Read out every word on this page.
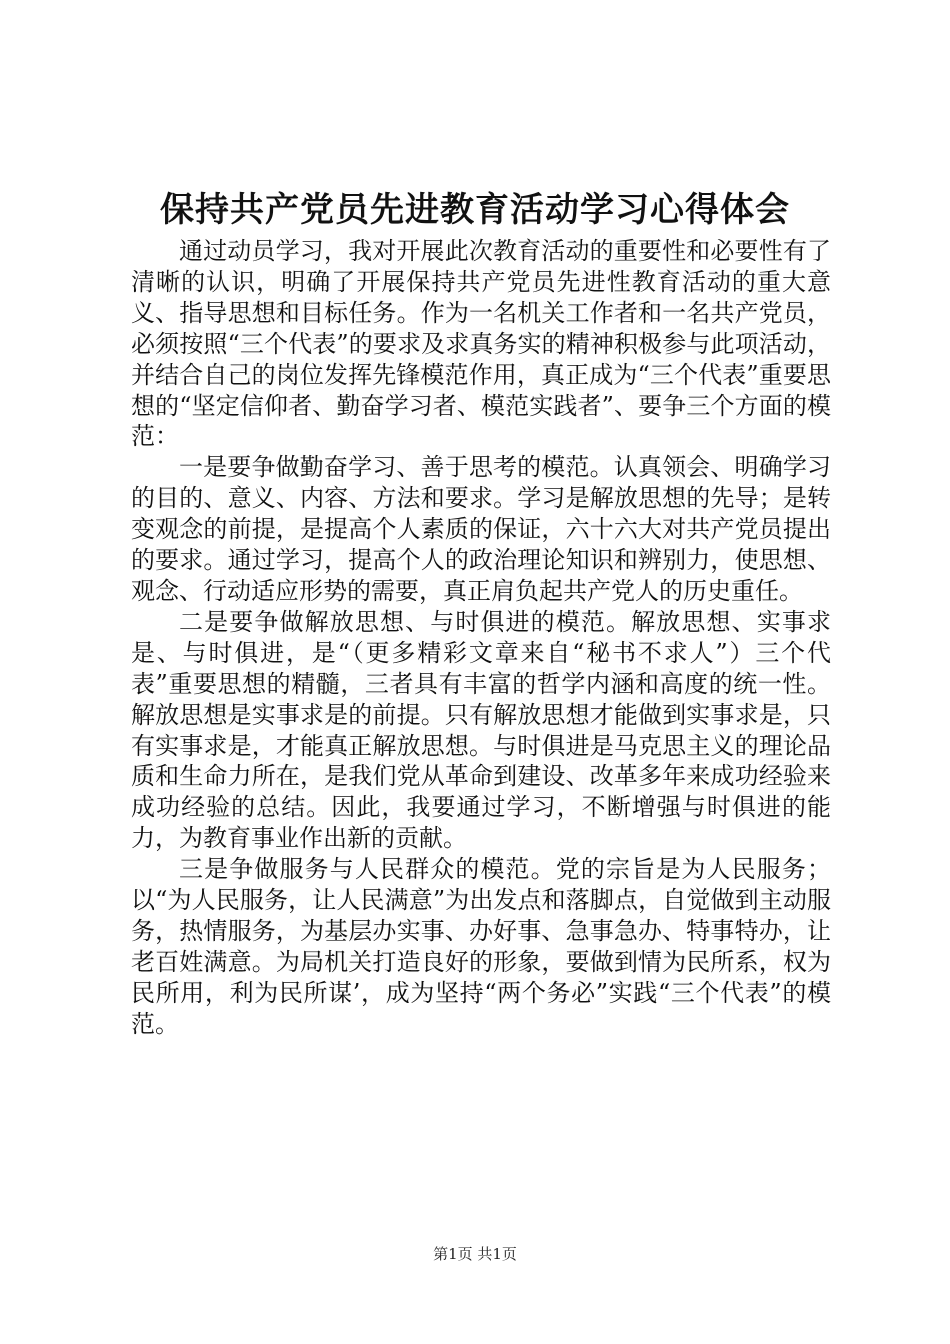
保持共产党员先进教育活动学习心得体会

通过动员学习，我对开展此次教育活动的重要性和必要性有了清晰的认识，明确了开展保持共产党员先进性教育活动的重大意义、指导思想和目标任务。作为一名机关工作者和一名共产党员，必须按照“三个代表”的要求及求真务实的精神积极参与此项活动，并结合自己的岗位发挥先锋模范作用，真正成为“三个代表”重要思想的“坚定信仰者、勤奋学习者、模范实践者”、要争三个方面的模范：

一是要争做勤奋学习、善于思考的模范。认真领会、明确学习的目的、意义、内容、方法和要求。学习是解放思想的先导；是转变观念的前提，是提高个人素质的保证，六十六大对共产党员提出的要求。通过学习，提高个人的政治理论知识和辨别力，使思想、观念、行动适应形势的需要，真正肩负起共产党人的历史重任。

二是要争做解放思想、与时俱进的模范。解放思想、实事求是、与时俱进，是“（更多精彩文章来自“秘书不求人”）三个代表”重要思想的精髓，三者具有丰富的哲学内涵和高度的统一性。解放思想是实事求是的前提。只有解放思想才能做到实事求是，只有实事求是，才能真正解放思想。与时俱进是马克思主义的理论品质和生命力所在，是我们党从革命到建设、改革多年来成功经验来成功经验的总结。因此，我要通过学习，不断增强与时俱进的能力，为教育事业作出新的贡献。

三是争做服务与人民群众的模范。党的宗旨是为人民服务；以“为人民服务，让人民满意”为出发点和落脚点，自觉做到主动服务，热情服务，为基层办实事、办好事、急事急办、特事特办，让老百姓满意。为局机关打造良好的形象，要做到情为民所系，权为民所用，利为民所谋’，成为坚持“两个务必”实践“三个代表”的模范。

第1页 共1页
